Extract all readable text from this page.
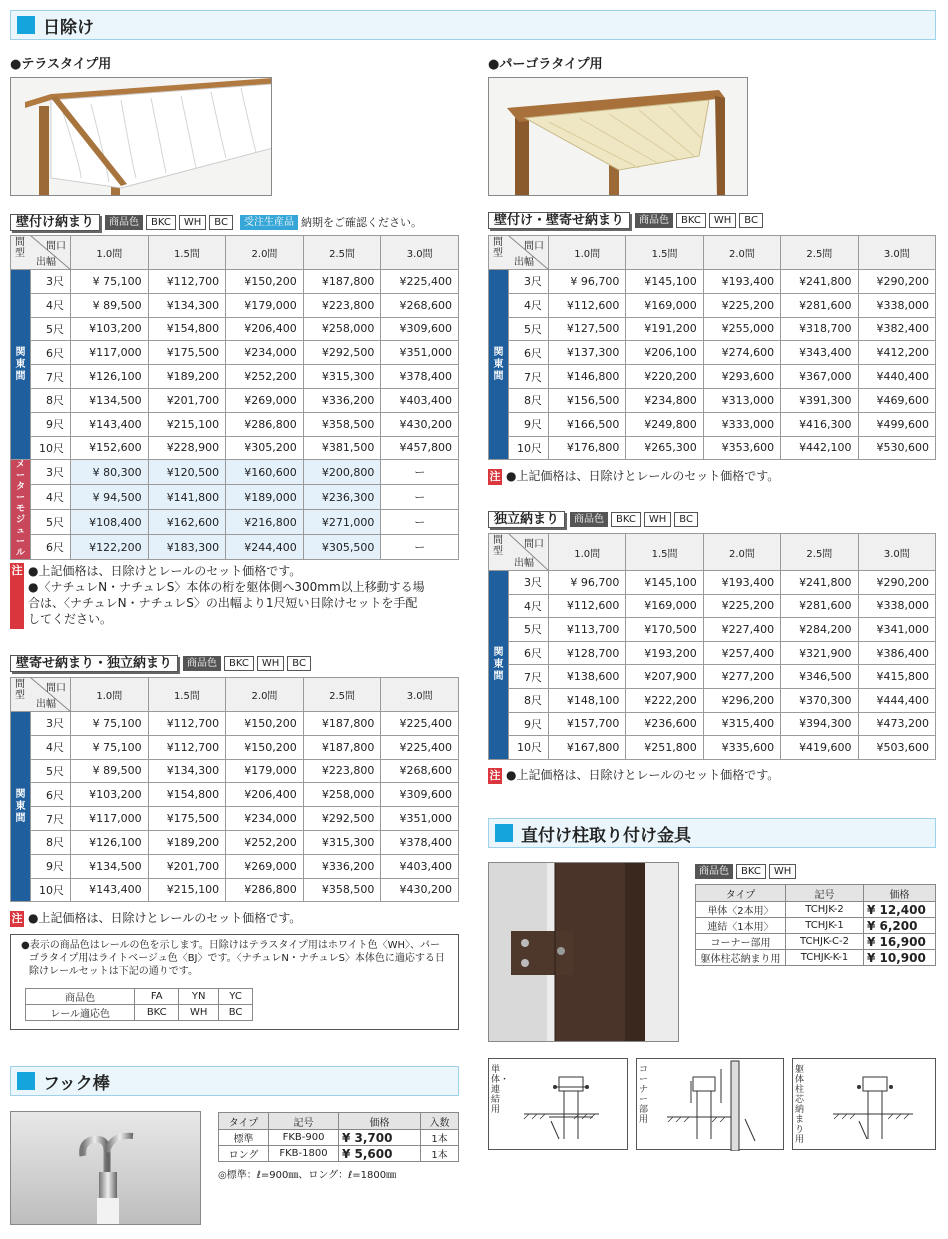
日除け
●テラスタイプ用	●パーゴラタイプ用
壁付け納まり	商品色	BKC	WH	BC	受注生産品 納期をご確認ください。
間型
間口
出幅		1.0間	1.5間	2.0間	2.5間	3.0間
関東間	3尺	¥ 75,100	¥112,700	¥150,200	¥187,800	¥225,400
	4尺	¥ 89,500	¥134,300	¥179,000	¥223,800	¥268,600
	5尺	¥103,200	¥154,800	¥206,400	¥258,000	¥309,600
	6尺	¥117,000	¥175,500	¥234,000	¥292,500	¥351,000
	7尺	¥126,100	¥189,200	¥252,200	¥315,300	¥378,400
	8尺	¥134,500	¥201,700	¥269,000	¥336,200	¥403,400
	9尺	¥143,400	¥215,100	¥286,800	¥358,500	¥430,200
	10尺	¥152,600	¥228,900	¥305,200	¥381,500	¥457,800
メーターモジュール	3尺	¥ 80,300	¥120,500	¥160,600	¥200,800	ー
	4尺	¥ 94,500	¥141,800	¥189,000	¥236,300	ー
	5尺	¥108,400	¥162,600	¥216,800	¥271,000	ー
	6尺	¥122,200	¥183,300	¥244,400	¥305,500	ー
注 ●上記価格は、日除けとレールのセット価格です。
●〈ナチュレN・ナチュレS〉本体の桁を躯体側へ300mm以上移動する場
合は、〈ナチュレN・ナチュレS〉の出幅より1尺短い日除けセットを手配
してください。
壁寄せ納まり・独立納まり	商品色	BKC	WH	BC
間型
間口
出幅		1.0間	1.5間	2.0間	2.5間	3.0間
関東間	3尺	¥ 75,100	¥112,700	¥150,200	¥187,800	¥225,400
	4尺	¥ 75,100	¥112,700	¥150,200	¥187,800	¥225,400
	5尺	¥ 89,500	¥134,300	¥179,000	¥223,800	¥268,600
	6尺	¥103,200	¥154,800	¥206,400	¥258,000	¥309,600
	7尺	¥117,000	¥175,500	¥234,000	¥292,500	¥351,000
	8尺	¥126,100	¥189,200	¥252,200	¥315,300	¥378,400
	9尺	¥134,500	¥201,700	¥269,000	¥336,200	¥403,400
	10尺	¥143,400	¥215,100	¥286,800	¥358,500	¥430,200
注 ●上記価格は、日除けとレールのセット価格です。
●表示の商品色はレールの色を示します。日除けはテラスタイプ用はホワイト色〈WH〉、パー
ゴラタイプ用はライトベージュ色〈BJ〉です。〈ナチュレN・ナチュレS〉本体色に適応する日
除けレールセットは下記の通りです。
商品色	FA	YN	YC
レール適応色	BKC	WH	BC
壁付け・壁寄せ納まり	商品色	BKC	WH	BC
間型
間口
出幅		1.0間	1.5間	2.0間	2.5間	3.0間
関東間	3尺	¥ 96,700	¥145,100	¥193,400	¥241,800	¥290,200
	4尺	¥112,600	¥169,000	¥225,200	¥281,600	¥338,000
	5尺	¥127,500	¥191,200	¥255,000	¥318,700	¥382,400
	6尺	¥137,300	¥206,100	¥274,600	¥343,400	¥412,200
	7尺	¥146,800	¥220,200	¥293,600	¥367,000	¥440,400
	8尺	¥156,500	¥234,800	¥313,000	¥391,300	¥469,600
	9尺	¥166,500	¥249,800	¥333,000	¥416,300	¥499,600
	10尺	¥176,800	¥265,300	¥353,600	¥442,100	¥530,600
注 ●上記価格は、日除けとレールのセット価格です。
独立納まり	商品色	BKC	WH	BC
間型
間口
出幅		1.0間	1.5間	2.0間	2.5間	3.0間
関東間	3尺	¥ 96,700	¥145,100	¥193,400	¥241,800	¥290,200
	4尺	¥112,600	¥169,000	¥225,200	¥281,600	¥338,000
	5尺	¥113,700	¥170,500	¥227,400	¥284,200	¥341,000
	6尺	¥128,700	¥193,200	¥257,400	¥321,900	¥386,400
	7尺	¥138,600	¥207,900	¥277,200	¥346,500	¥415,800
	8尺	¥148,100	¥222,200	¥296,200	¥370,300	¥444,400
	9尺	¥157,700	¥236,600	¥315,400	¥394,300	¥473,200
	10尺	¥167,800	¥251,800	¥335,600	¥419,600	¥503,600
注 ●上記価格は、日除けとレールのセット価格です。
直付け柱取り付け金具
商品色	BKC	WH
タイプ	記号	価格
単体〈2本用〉	TCHJK-2	¥ 12,400
連結〈1本用〉	TCHJK-1	¥ 6,200
コーナー部用	TCHJK-C-2	¥ 16,900
躯体柱芯納まり用	TCHJK-K-1	¥ 10,900
単体・連結用
コーナー部用
躯体柱芯納まり用
フック棒
タイプ	記号	価格	入数
標準	FKB-900	¥ 3,700	1本
ロング	FKB-1800	¥ 5,600	1本
◎標準：ℓ=900㎜、ロング：ℓ=1800㎜
